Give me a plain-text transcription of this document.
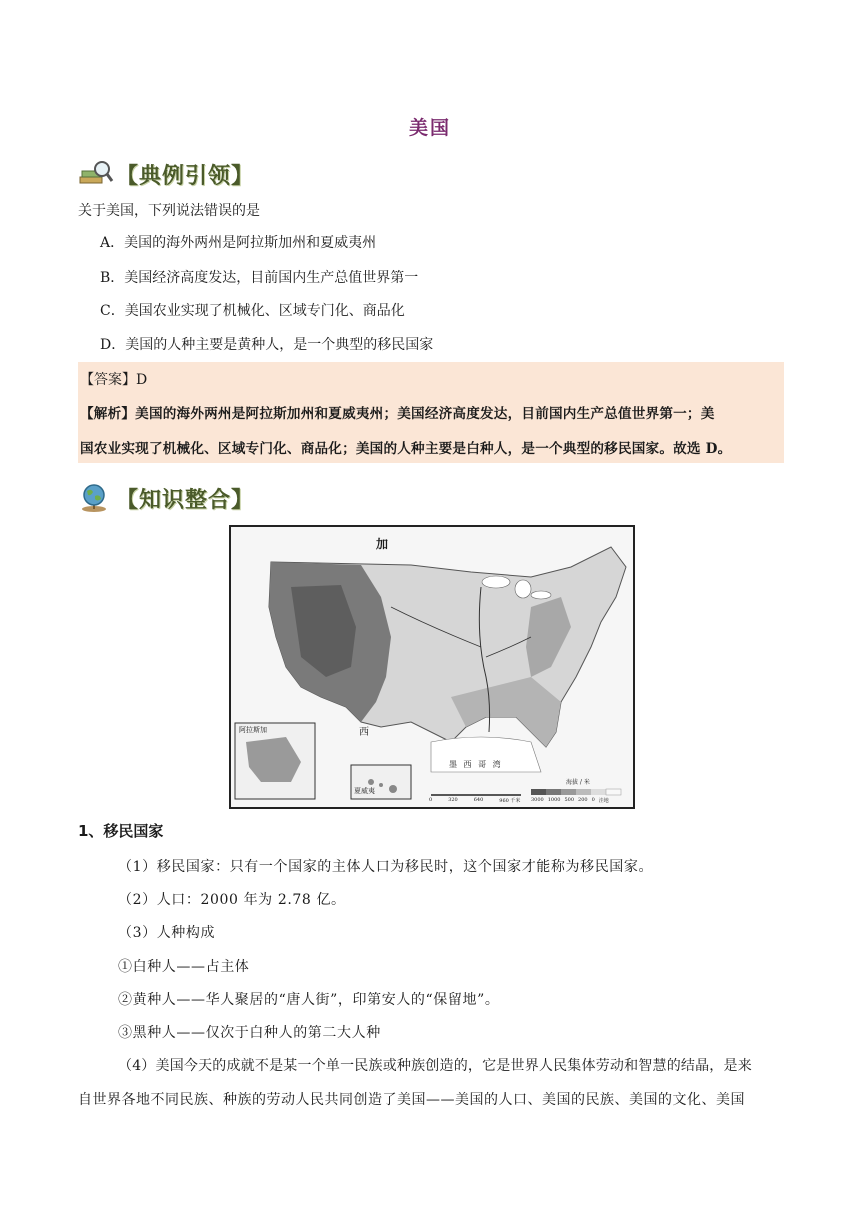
美国
【典例引领】
关于美国，下列说法错误的是
A．美国的海外两州是阿拉斯加州和夏威夷州
B．美国经济高度发达，目前国内生产总值世界第一
C．美国农业实现了机械化、区域专门化、商品化
D．美国的人种主要是黄种人，是一个典型的移民国家
【答案】D
【解析】美国的海外两州是阿拉斯加州和夏威夷州；美国经济高度发达，目前国内生产总值世界第一；美
国农业实现了机械化、区域专门化、商品化；美国的人种主要是白种人，是一个典型的移民国家。故选 D。
【知识整合】
加
阿拉斯加
夏威夷
西
墨 西 哥 湾
海拔 / 米
3000 1000 500 200 0 洼地
0	320	640	960 千米
1、移民国家
（1）移民国家：只有一个国家的主体人口为移民时，这个国家才能称为移民国家。
（2）人口：2000 年为 2.78 亿。
（3）人种构成
①白种人——占主体
②黄种人——华人聚居的“唐人街”，印第安人的“保留地”。
③黑种人——仅次于白种人的第二大人种
（4）美国今天的成就不是某一个单一民族或种族创造的，它是世界人民集体劳动和智慧的结晶，是来
自世界各地不同民族、种族的劳动人民共同创造了美国——美国的人口、美国的民族、美国的文化、美国
